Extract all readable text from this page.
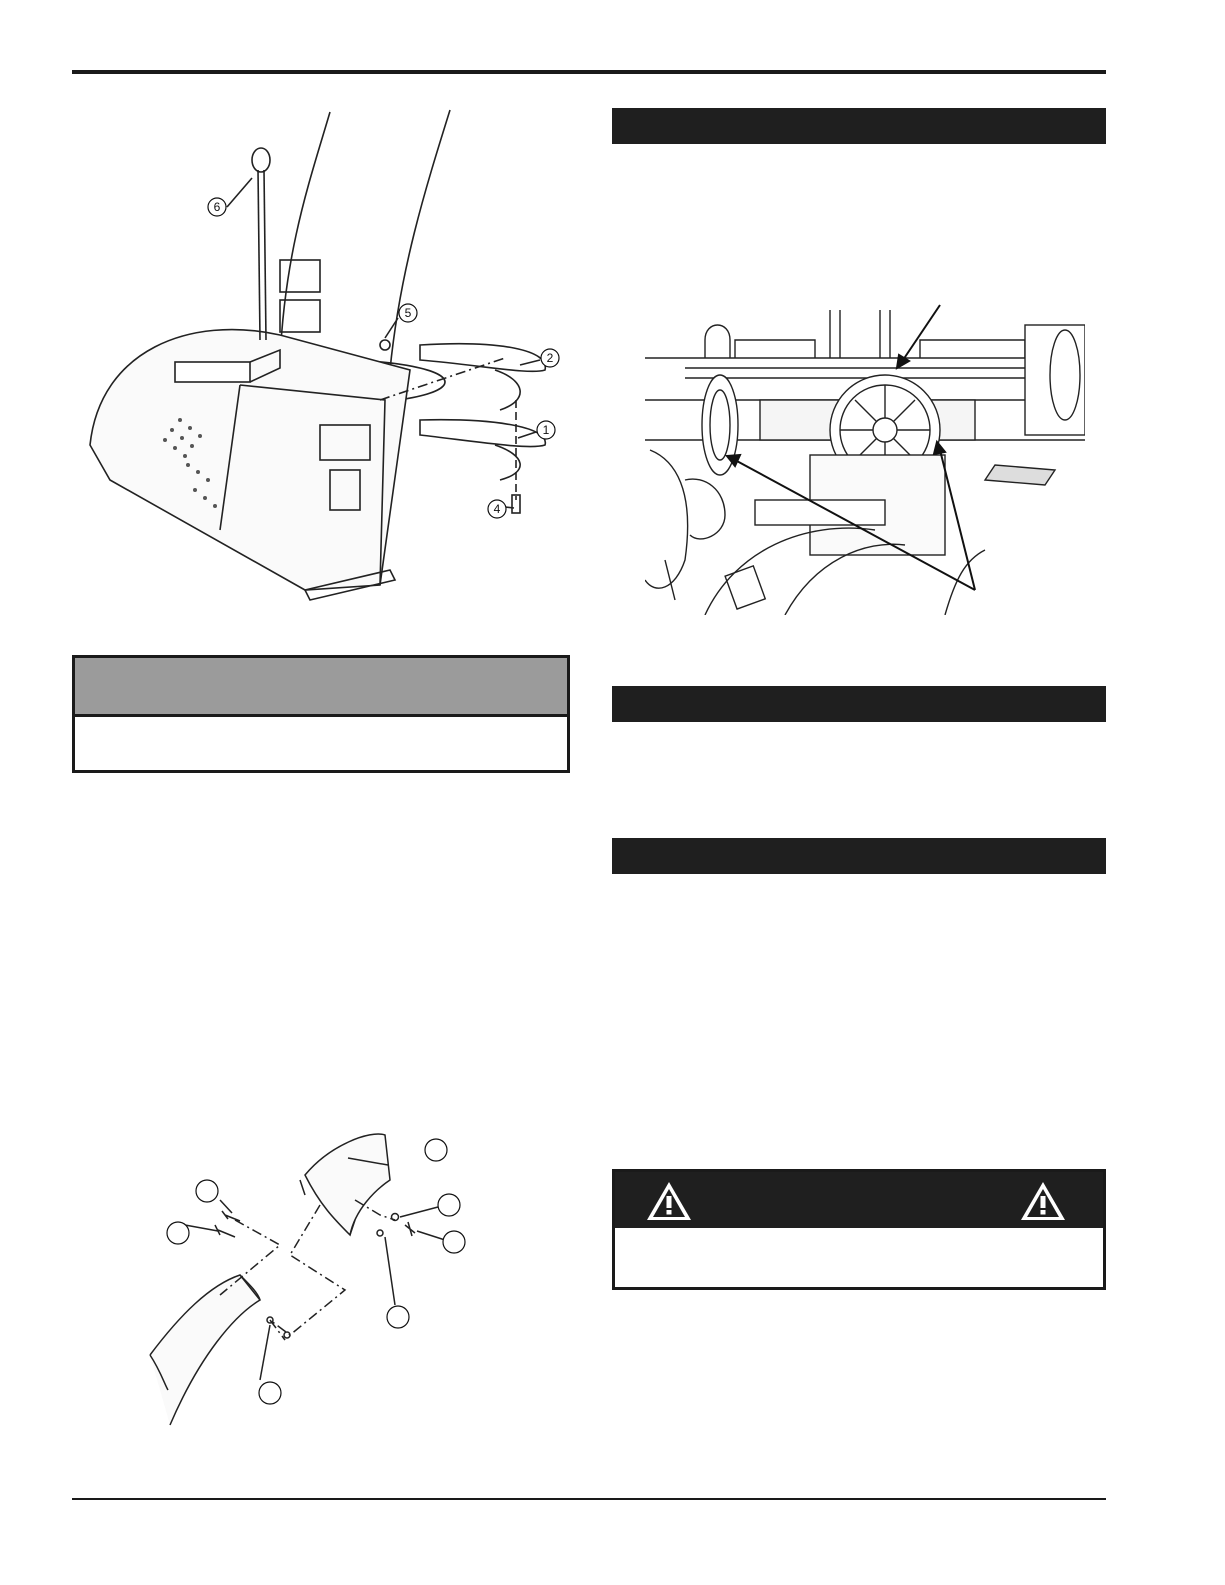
6
5
2
1
4
